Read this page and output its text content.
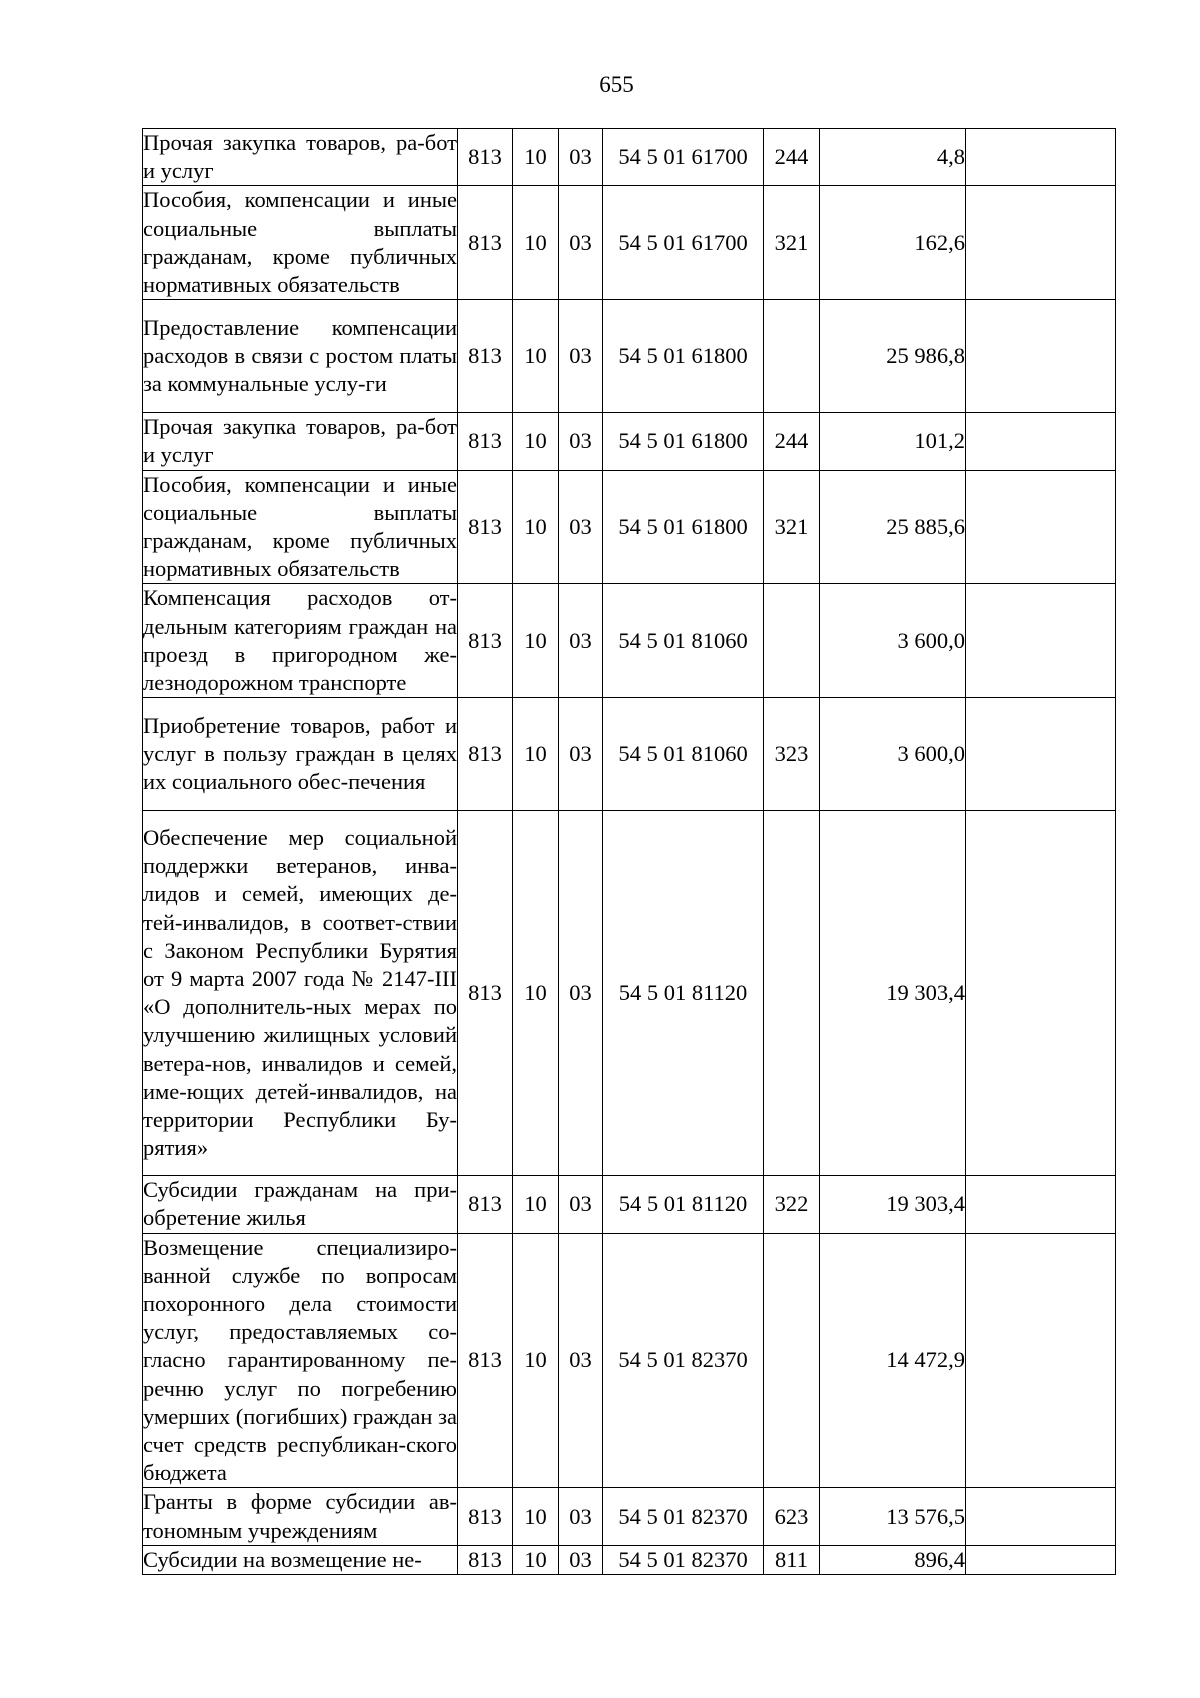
655
Прочая закупка товаров, ра-бот и услуг	813	10	03	54 5 01 61700	244	4,8	
Пособия, компенсации и иные социальные выплаты гражданам, кроме публичных нормативных обязательств	813	10	03	54 5 01 61700	321	162,6	
Предоставление компенсации расходов в связи с ростом платы за коммунальные услу-ги	813	10	03	54 5 01 61800		25 986,8	
Прочая закупка товаров, ра-бот и услуг	813	10	03	54 5 01 61800	244	101,2	
Пособия, компенсации и иные социальные выплаты гражданам, кроме публичных нормативных обязательств	813	10	03	54 5 01 61800	321	25 885,6	
Компенсация расходов от-дельным категориям граждан на проезд в пригородном же-лезнодорожном транспорте	813	10	03	54 5 01 81060		3 600,0	
Приобретение товаров, работ и услуг в пользу граждан в целях их социального обес-печения	813	10	03	54 5 01 81060	323	3 600,0	
Обеспечение мер социальной поддержки ветеранов, инва-лидов и семей, имеющих де-тей-инвалидов, в соответ-ствии с Законом Республики Бурятия от 9 марта 2007 года № 2147-III «О дополнитель-ных мерах по улучшению жилищных условий ветера-нов, инвалидов и семей, име-ющих детей-инвалидов, на территории Республики Бу-рятия»	813	10	03	54 5 01 81120		19 303,4	
Субсидии гражданам на при-обретение жилья	813	10	03	54 5 01 81120	322	19 303,4	
Возмещение специализиро-ванной службе по вопросам похоронного дела стоимости услуг, предоставляемых со-гласно гарантированному пе-речню услуг по погребению умерших (погибших) граждан за счет средств республикан-ского бюджета	813	10	03	54 5 01 82370		14 472,9	
Гранты в форме субсидии ав-тономным учреждениям	813	10	03	54 5 01 82370	623	13 576,5	
Субсидии на возмещение не-	813	10	03	54 5 01 82370	811	896,4	
